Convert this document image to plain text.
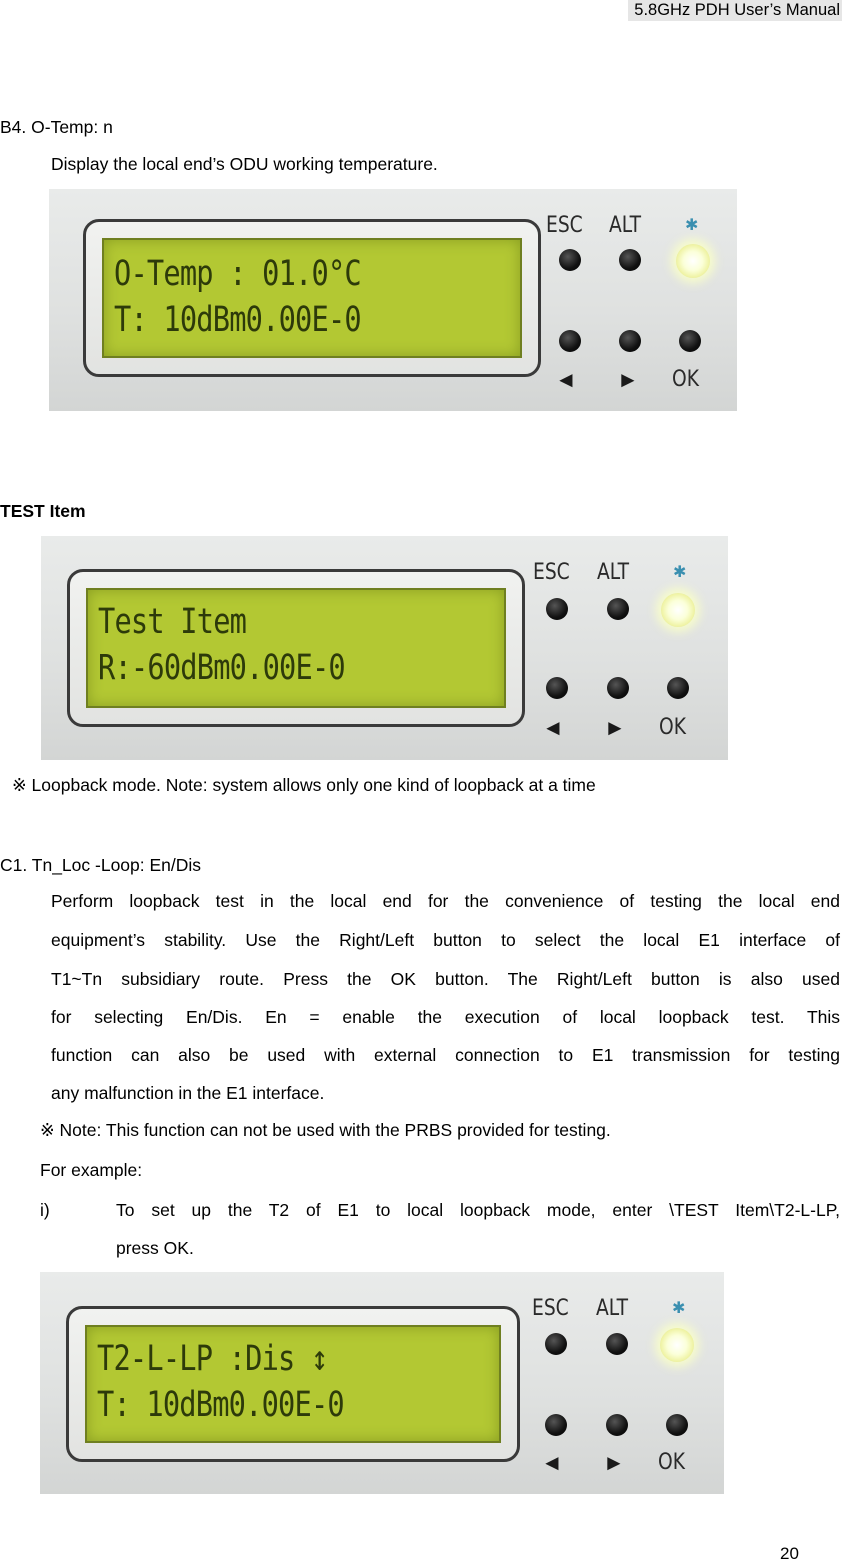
5.8GHz PDH User’s Manual
B4. O-Temp: n
Display the local end’s ODU working temperature.
O-Temp : 01.0°C
T: 10dBm0.00E-0
ESC ALT	✱
◄ ► OK
TEST Item
Test Item
R:-60dBm0.00E-0
ESC ALT	✱
◄ ► OK
※ Loopback mode. Note: system allows only one kind of loopback at a time
C1. Tn_Loc -Loop: En/Dis
Perform loopback test in the local end for the convenience of testing the local end
equipment’s stability. Use the Right/Left button to select the local E1 interface of
T1~Tn subsidiary route. Press the OK button. The Right/Left button is also used
for selecting En/Dis. En = enable the execution of local loopback test. This
function can also be used with external connection to E1 transmission for testing
any malfunction in the E1 interface.
※ Note: This function can not be used with the PRBS provided for testing.
For example:
i)	To set up the T2 of E1 to local loopback mode, enter \TEST Item\T2-L-LP,
press OK.
T2-L-LP :Dis ↕
T: 10dBm0.00E-0
ESC ALT	✱
◄ ► OK
20
